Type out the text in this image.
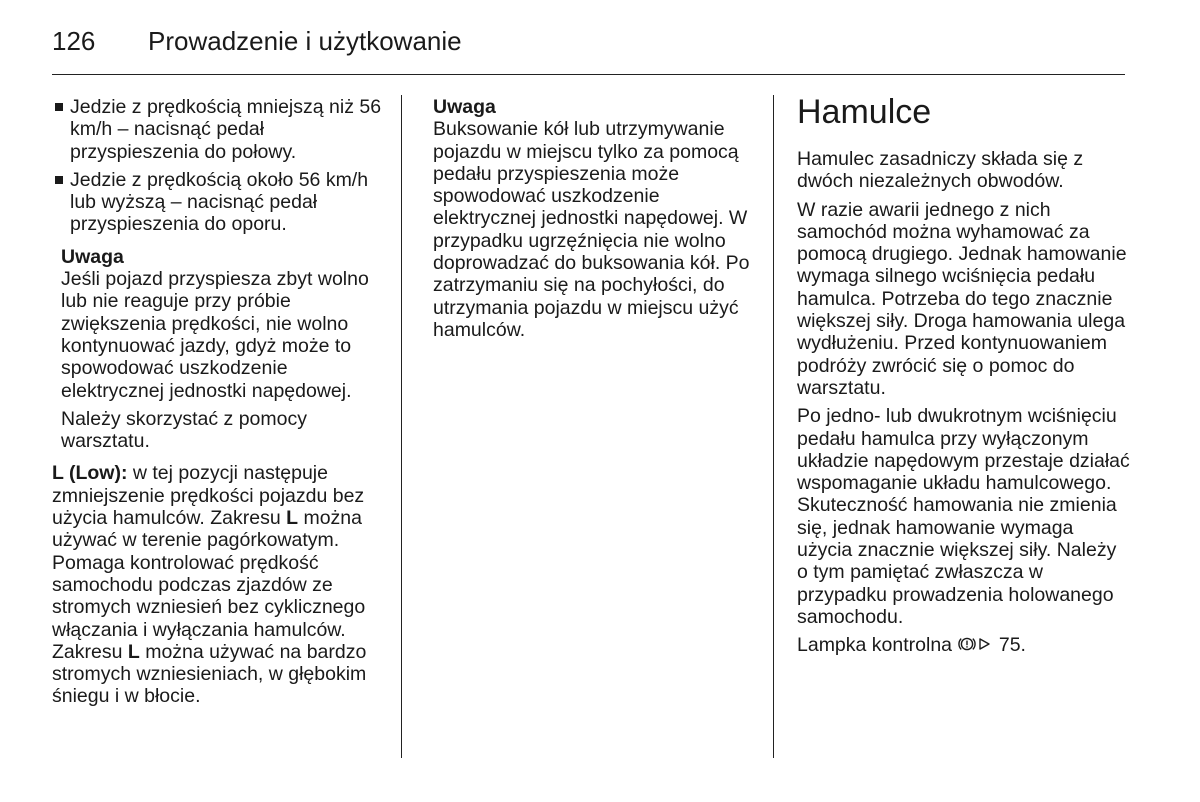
126	Prowadzenie i użytkowanie

Jedzie z prędkością mniejszą niż 56 km/h – nacisnąć pedał przyspieszenia do połowy.

Jedzie z prędkością około 56 km/h lub wyższą – nacisnąć pedał przyspieszenia do oporu.

Uwaga

Jeśli pojazd przyspiesza zbyt wolno lub nie reaguje przy próbie zwiększenia prędkości, nie wolno kontynuować jazdy, gdyż może to spowodować uszkodzenie elektrycznej jednostki napędowej.

Należy skorzystać z pomocy warsztatu.

L (Low): w tej pozycji następuje zmniejszenie prędkości pojazdu bez użycia hamulców. Zakresu L można używać w terenie pagórkowatym. Pomaga kontrolować prędkość samochodu podczas zjazdów ze stromych wzniesień bez cyklicznego włączania i wyłączania hamulców. Zakresu L można używać na bardzo stromych wzniesieniach, w głębokim śniegu i w błocie.

Uwaga

Buksowanie kół lub utrzymywanie pojazdu w miejscu tylko za pomocą pedału przyspieszenia może spowodować uszkodzenie elektrycznej jednostki napędowej. W przypadku ugrzęźnięcia nie wolno doprowadzać do buksowania kół. Po zatrzymaniu się na pochyłości, do utrzymania pojazdu w miejscu użyć hamulców.

Hamulce

Hamulec zasadniczy składa się z dwóch niezależnych obwodów.

W razie awarii jednego z nich samochód można wyhamować za pomocą drugiego. Jednak hamowanie wymaga silnego wciśnięcia pedału hamulca. Potrzeba do tego znacznie większej siły. Droga hamowania ulega wydłużeniu. Przed kontynuowaniem podróży zwrócić się o pomoc do warsztatu.

Po jedno- lub dwukrotnym wciśnięciu pedału hamulca przy wyłączonym układzie napędowym przestaje działać wspomaganie układu hamulcowego. Skuteczność hamowania nie zmienia się, jednak hamowanie wymaga użycia znacznie większej siły. Należy o tym pamiętać zwłaszcza w przypadku prowadzenia holowanego samochodu.

Lampka kontrolna  75.
